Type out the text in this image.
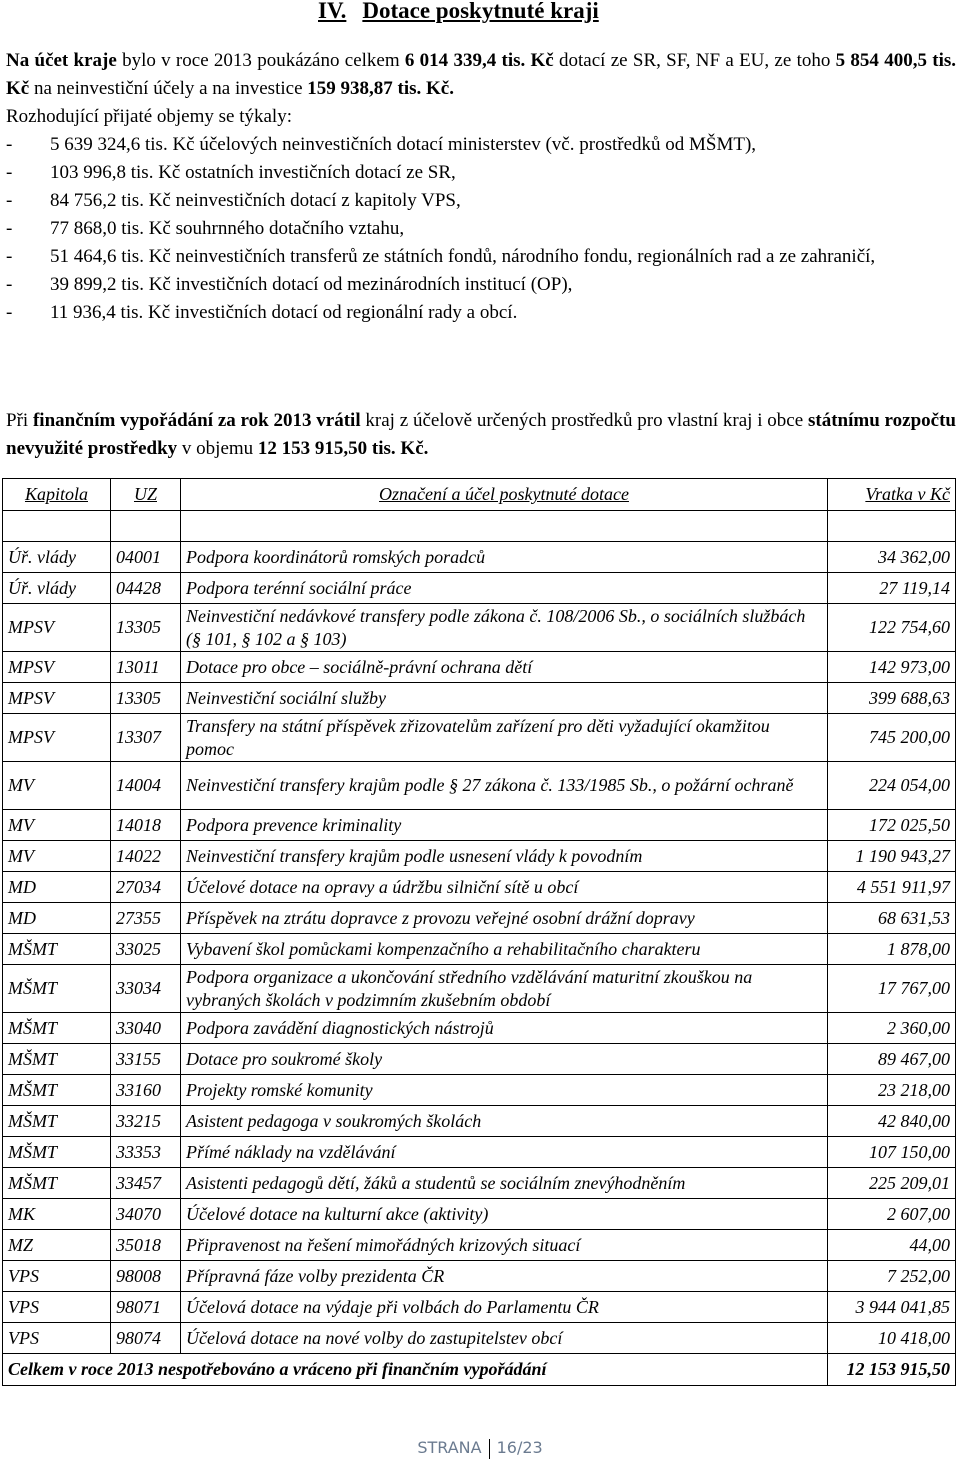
IV. Dotace poskytnuté kraji

Na účet kraje bylo v roce 2013 poukázáno celkem 6 014 339,4 tis. Kč dotací ze SR, SF, NF a EU, ze toho 5 854 400,5 tis. Kč na neinvestiční účely a na investice 159 938,87 tis. Kč.

Rozhodující přijaté objemy se týkaly:

- 5 639 324,6 tis. Kč účelových neinvestičních dotací ministerstev (vč. prostředků od MŠMT),
- 103 996,8 tis. Kč ostatních investičních dotací ze SR,
- 84 756,2 tis. Kč neinvestičních dotací z kapitoly VPS,
- 77 868,0 tis. Kč souhrnného dotačního vztahu,
- 51 464,6 tis. Kč neinvestičních transferů ze státních fondů, národního fondu, regionálních rad a ze zahraničí,
- 39 899,2 tis. Kč investičních dotací od mezinárodních institucí (OP),
- 11 936,4 tis. Kč investičních dotací od regionální rady a obcí.

Při finančním vypořádání za rok 2013 vrátil kraj z účelově určených prostředků pro vlastní kraj i obce státnímu rozpočtu nevyužité prostředky v objemu 12 153 915,50 tis. Kč.

Kapitola	UZ	Označení a účel poskytnuté dotace	Vratka v Kč

Úř. vlády	04001	Podpora koordinátorů romských poradců	34 362,00
Úř. vlády	04428	Podpora terénní sociální práce	27 119,14
MPSV	13305	Neinvestiční nedávkové transfery podle zákona č. 108/2006 Sb., o sociálních službách (§ 101, § 102 a § 103)	122 754,60
MPSV	13011	Dotace pro obce – sociálně-právní ochrana dětí	142 973,00
MPSV	13305	Neinvestiční sociální služby	399 688,63
MPSV	13307	Transfery na státní příspěvek zřizovatelům zařízení pro děti vyžadující okamžitou pomoc	745 200,00
MV	14004	Neinvestiční transfery krajům podle § 27 zákona č. 133/1985 Sb., o požární ochraně	224 054,00
MV	14018	Podpora prevence kriminality	172 025,50
MV	14022	Neinvestiční transfery krajům podle usnesení vlády k povodním	1 190 943,27
MD	27034	Účelové dotace na opravy a údržbu silniční sítě u obcí	4 551 911,97
MD	27355	Příspěvek na ztrátu dopravce z provozu veřejné osobní drážní dopravy	68 631,53
MŠMT	33025	Vybavení škol pomůckami kompenzačního a rehabilitačního charakteru	1 878,00
MŠMT	33034	Podpora organizace a ukončování středního vzdělávání maturitní zkouškou na vybraných školách v podzimním zkušebním období	17 767,00
MŠMT	33040	Podpora zavádění diagnostických nástrojů	2 360,00
MŠMT	33155	Dotace pro soukromé školy	89 467,00
MŠMT	33160	Projekty romské komunity	23 218,00
MŠMT	33215	Asistent pedagoga v soukromých školách	42 840,00
MŠMT	33353	Přímé náklady na vzdělávání	107 150,00
MŠMT	33457	Asistenti pedagogů dětí, žáků a studentů se sociálním znevýhodněním	225 209,01
MK	34070	Účelové dotace na kulturní akce (aktivity)	2 607,00
MZ	35018	Připravenost na řešení mimořádných krizových situací	44,00
VPS	98008	Přípravná fáze volby prezidenta ČR	7 252,00
VPS	98071	Účelová dotace na výdaje při volbách do Parlamentu ČR	3 944 041,85
VPS	98074	Účelová dotace na nové volby do zastupitelstev obcí	10 418,00
Celkem v roce 2013 nespotřebováno a vráceno při finančním vypořádání			12 153 915,50
STRANA 16/23
